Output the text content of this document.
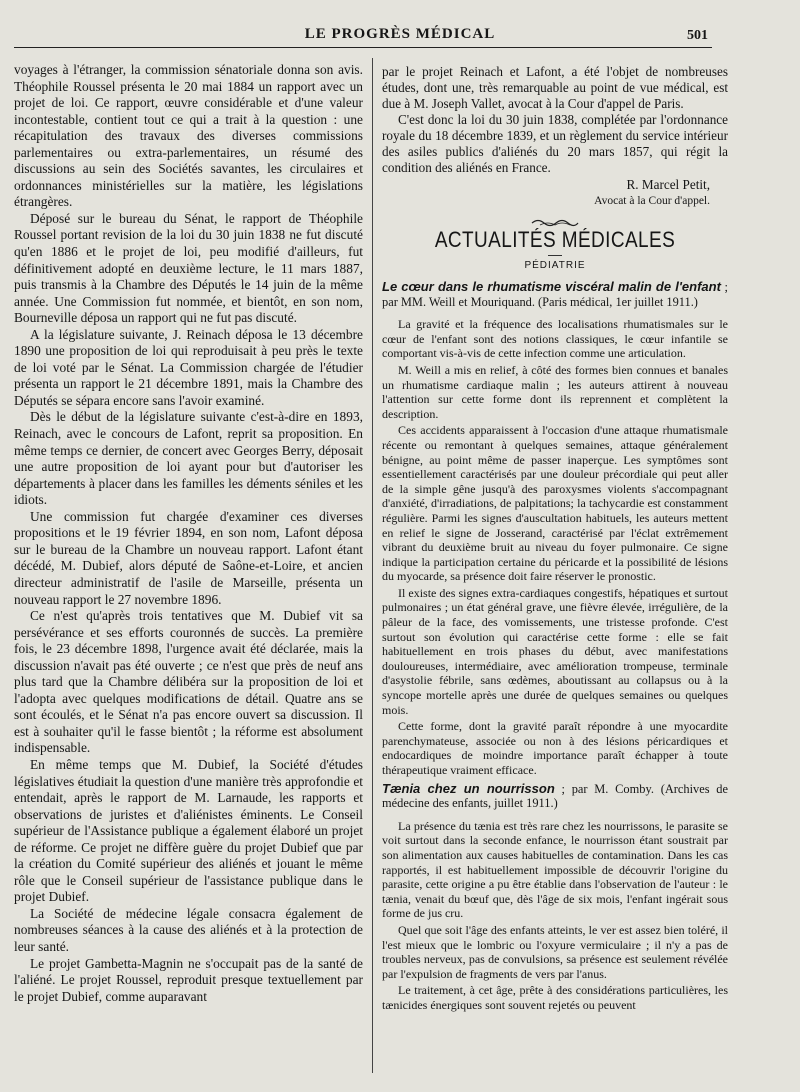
LE PROGRÈS MÉDICAL	501

voyages à l'étranger, la commission sénatoriale donna son avis. Théophile Roussel présenta le 20 mai 1884 un rapport avec un projet de loi. Ce rapport, œuvre considérable et d'une valeur incontestable, contient tout ce qui a trait à la question : une récapitulation des travaux des diverses commissions parlementaires ou extra-parlementaires, un résumé des discussions au sein des Sociétés savantes, les circulaires et ordonnances ministérielles sur la matière, les législations étrangères.

Déposé sur le bureau du Sénat, le rapport de Théophile Roussel portant revision de la loi du 30 juin 1838 ne fut discuté qu'en 1886 et le projet de loi, peu modifié d'ailleurs, fut définitivement adopté en deuxième lecture, le 11 mars 1887, puis transmis à la Chambre des Députés le 14 juin de la même année. Une Commission fut nommée, et bientôt, en son nom, Bourneville déposa un rapport qui ne fut pas discuté.

A la législature suivante, J. Reinach déposa le 13 décembre 1890 une proposition de loi qui reproduisait à peu près le texte de loi voté par le Sénat. La Commission chargée de l'étudier présenta un rapport le 21 décembre 1891, mais la Chambre des Députés se sépara encore sans l'avoir examiné.

Dès le début de la législature suivante c'est-à-dire en 1893, Reinach, avec le concours de Lafont, reprit sa proposition. En même temps ce dernier, de concert avec Georges Berry, déposait une autre proposition de loi ayant pour but d'autoriser les départements à placer dans les familles les déments séniles et les idiots.

Une commission fut chargée d'examiner ces diverses propositions et le 19 février 1894, en son nom, Lafont déposa sur le bureau de la Chambre un nouveau rapport. Lafont étant décédé, M. Dubief, alors député de Saône-et-Loire, et ancien directeur administratif de l'asile de Marseille, présenta un nouveau rapport le 27 novembre 1896.

Ce n'est qu'après trois tentatives que M. Dubief vit sa persévérance et ses efforts couronnés de succès. La première fois, le 23 décembre 1898, l'urgence avait été déclarée, mais la discussion n'avait pas été ouverte ; ce n'est que près de neuf ans plus tard que la Chambre délibéra sur la proposition de loi et l'adopta avec quelques modifications de détail. Quatre ans se sont écoulés, et le Sénat n'a pas encore ouvert sa discussion. Il est à souhaiter qu'il le fasse bientôt ; la réforme est absolument indispensable.

En même temps que M. Dubief, la Société d'études législatives étudiait la question d'une manière très approfondie et entendait, après le rapport de M. Larnaude, les rapports et observations de juristes et d'aliénistes éminents. Le Conseil supérieur de l'Assistance publique a également élaboré un projet de réforme. Ce projet ne diffère guère du projet Dubief que par la création du Comité supérieur des aliénés et jouant le même rôle que le Conseil supérieur de l'assistance publique dans le projet Dubief.

La Société de médecine légale consacra également de nombreuses séances à la cause des aliénés et à la protection de leur santé.

Le projet Gambetta-Magnin ne s'occupait pas de la santé de l'aliéné. Le projet Roussel, reproduit presque textuellement par le projet Dubief, comme auparavant

par le projet Reinach et Lafont, a été l'objet de nombreuses études, dont une, très remarquable au point de vue médical, est due à M. Joseph Vallet, avocat à la Cour d'appel de Paris.

C'est donc la loi du 30 juin 1838, complétée par l'ordonnance royale du 18 décembre 1839, et un règlement du service intérieur des asiles publics d'aliénés du 20 mars 1857, qui régit la condition des aliénés en France.

R. Marcel Petit,
Avocat à la Cour d'appel.
ACTUALITÉS MÉDICALES
PÉDIATRIE

Le cœur dans le rhumatisme viscéral malin de l'enfant ; par MM. Weill et Mouriquand. (Paris médical, 1er juillet 1911.)

La gravité et la fréquence des localisations rhumatismales sur le cœur de l'enfant sont des notions classiques, le cœur infantile se comportant vis-à-vis de cette infection comme une articulation.

M. Weill a mis en relief, à côté des formes bien connues et banales un rhumatisme cardiaque malin ; les auteurs attirent à nouveau l'attention sur cette forme dont ils reprennent et complètent la description.

Ces accidents apparaissent à l'occasion d'une attaque rhumatismale récente ou remontant à quelques semaines, attaque généralement bénigne, au point même de passer inaperçue. Les symptômes sont essentiellement caractérisés par une douleur précordiale qui peut aller de la simple gêne jusqu'à des paroxysmes violents s'accompagnant d'anxiété, d'irradiations, de palpitations; la tachycardie est constamment régulière. Parmi les signes d'auscultation habituels, les auteurs mettent en relief le signe de Josserand, caractérisé par l'éclat extrêmement vibrant du deuxième bruit au niveau du foyer pulmonaire. Ce signe indique la participation certaine du péricarde et la possibilité de lésions du myocarde, sa présence doit faire réserver le pronostic.

Il existe des signes extra-cardiaques congestifs, hépatiques et surtout pulmonaires ; un état général grave, une fièvre élevée, irrégulière, de la pâleur de la face, des vomissements, une tristesse profonde. C'est surtout son évolution qui caractérise cette forme : elle se fait habituellement en trois phases du début, avec manifestations douloureuses, intermédiaire, avec amélioration trompeuse, terminale d'asystolie fébrile, sans œdèmes, aboutissant au collapsus ou à la syncope mortelle après une durée de quelques semaines ou quelques mois.

Cette forme, dont la gravité paraît répondre à une myocardite parenchymateuse, associée ou non à des lésions péricardiques et endocardiques de moindre importance paraît échapper à toute thérapeutique vraiment efficace.

Tænia chez un nourrisson ; par M. Comby. (Archives de médecine des enfants, juillet 1911.)

La présence du tænia est très rare chez les nourrissons, le parasite se voit surtout dans la seconde enfance, le nourrisson étant soustrait par son alimentation aux causes habituelles de contamination. Dans les cas rapportés, il est habituellement impossible de découvrir l'origine du parasite, cette origine a pu être établie dans l'observation de l'auteur : le tænia, venait du bœuf que, dès l'âge de six mois, l'enfant ingérait sous forme de jus cru.

Quel que soit l'âge des enfants atteints, le ver est assez bien toléré, il l'est mieux que le lombric ou l'oxyure vermiculaire ; il n'y a pas de troubles nerveux, pas de convulsions, sa présence est seulement révélée par l'expulsion de fragments de vers par l'anus.

Le traitement, à cet âge, prête à des considérations particulières, les tænicides énergiques sont souvent rejetés ou peuvent
